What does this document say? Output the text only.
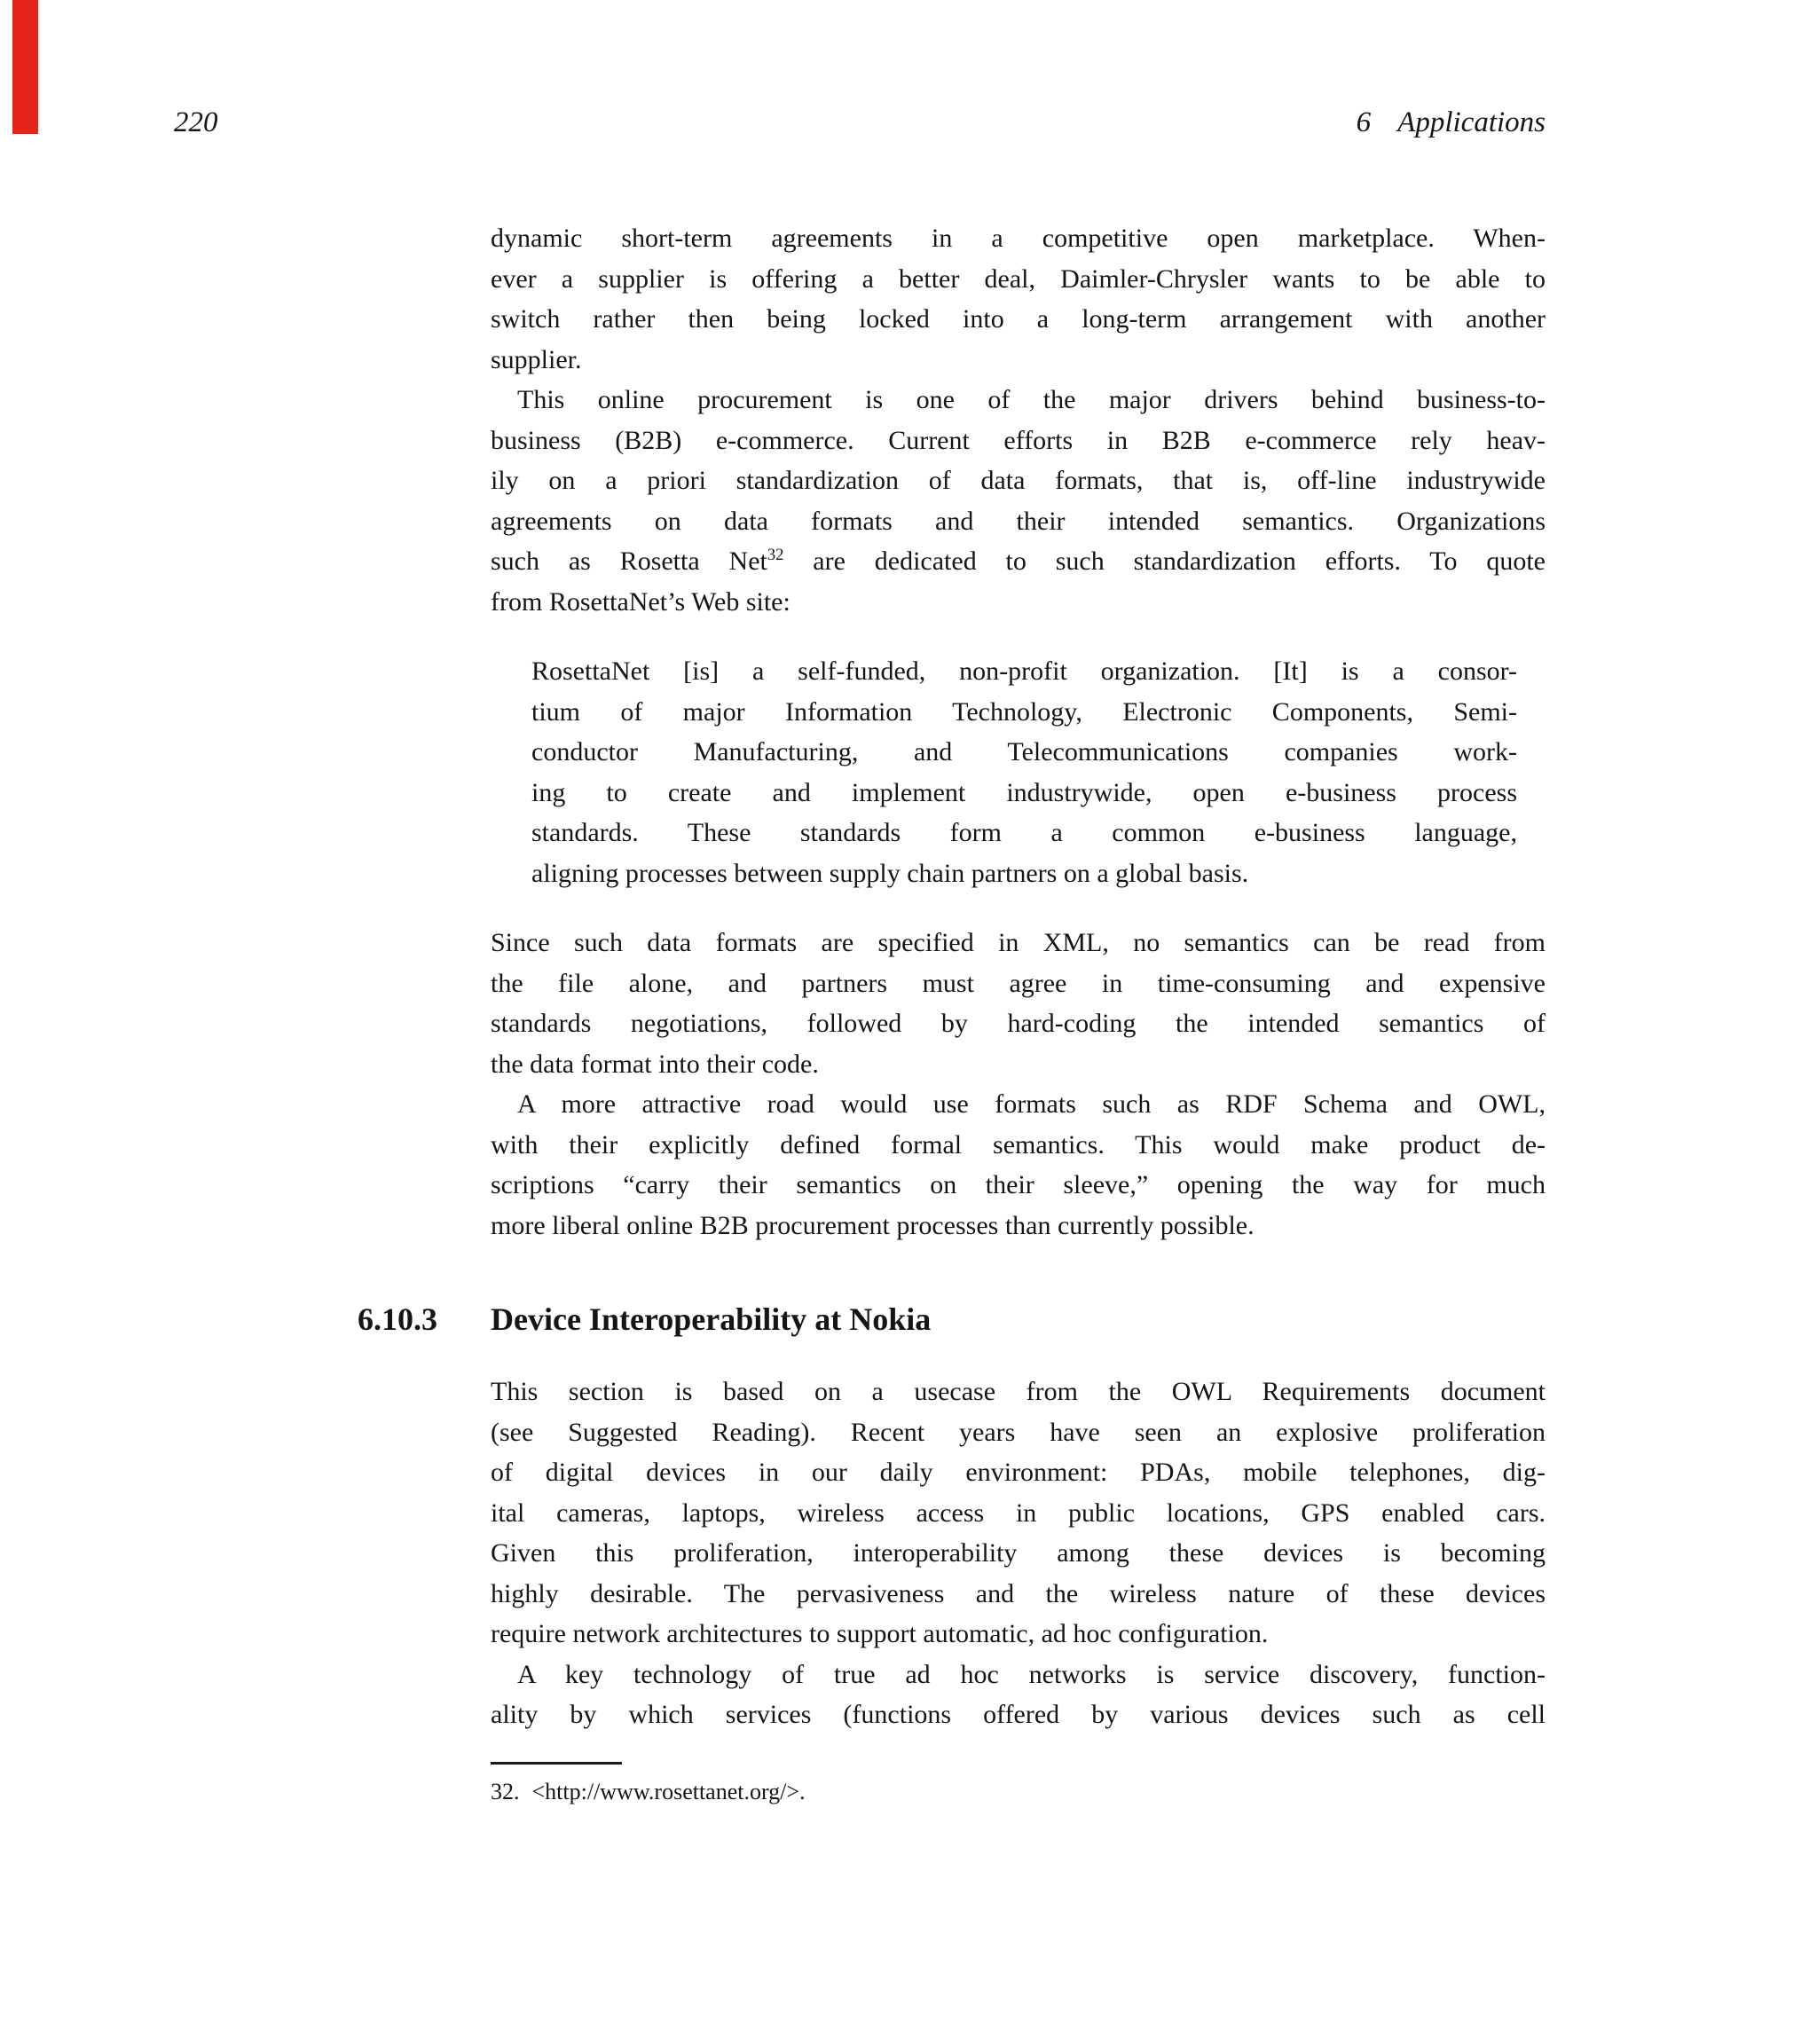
220	6 Applications
dynamic short-term agreements in a competitive open marketplace. When-
ever a supplier is offering a better deal, Daimler-Chrysler wants to be able to
switch rather then being locked into a long-term arrangement with another
supplier.
This online procurement is one of the major drivers behind business-to-
business (B2B) e-commerce. Current efforts in B2B e-commerce rely heav-
ily on a priori standardization of data formats, that is, off-line industrywide
agreements on data formats and their intended semantics. Organizations
such as Rosetta Net$^{32}$ are dedicated to such standardization efforts. To quote
from RosettaNet’s Web site:
RosettaNet [is] a self-funded, non-profit organization. [It] is a consor-
tium of major Information Technology, Electronic Components, Semi-
conductor Manufacturing, and Telecommunications companies work-
ing to create and implement industrywide, open e-business process
standards. These standards form a common e-business language,
aligning processes between supply chain partners on a global basis.
Since such data formats are specified in XML, no semantics can be read from
the file alone, and partners must agree in time-consuming and expensive
standards negotiations, followed by hard-coding the intended semantics of
the data format into their code.
A more attractive road would use formats such as RDF Schema and OWL,
with their explicitly defined formal semantics. This would make product de-
scriptions “carry their semantics on their sleeve,” opening the way for much
more liberal online B2B procurement processes than currently possible.
6.10.3 Device Interoperability at Nokia
This section is based on a usecase from the OWL Requirements document
(see Suggested Reading). Recent years have seen an explosive proliferation
of digital devices in our daily environment: PDAs, mobile telephones, dig-
ital cameras, laptops, wireless access in public locations, GPS enabled cars.
Given this proliferation, interoperability among these devices is becoming
highly desirable. The pervasiveness and the wireless nature of these devices
require network architectures to support automatic, ad hoc configuration.
A key technology of true ad hoc networks is service discovery, function-
ality by which services (functions offered by various devices such as cell
32. <http://www.rosettanet.org/>.
